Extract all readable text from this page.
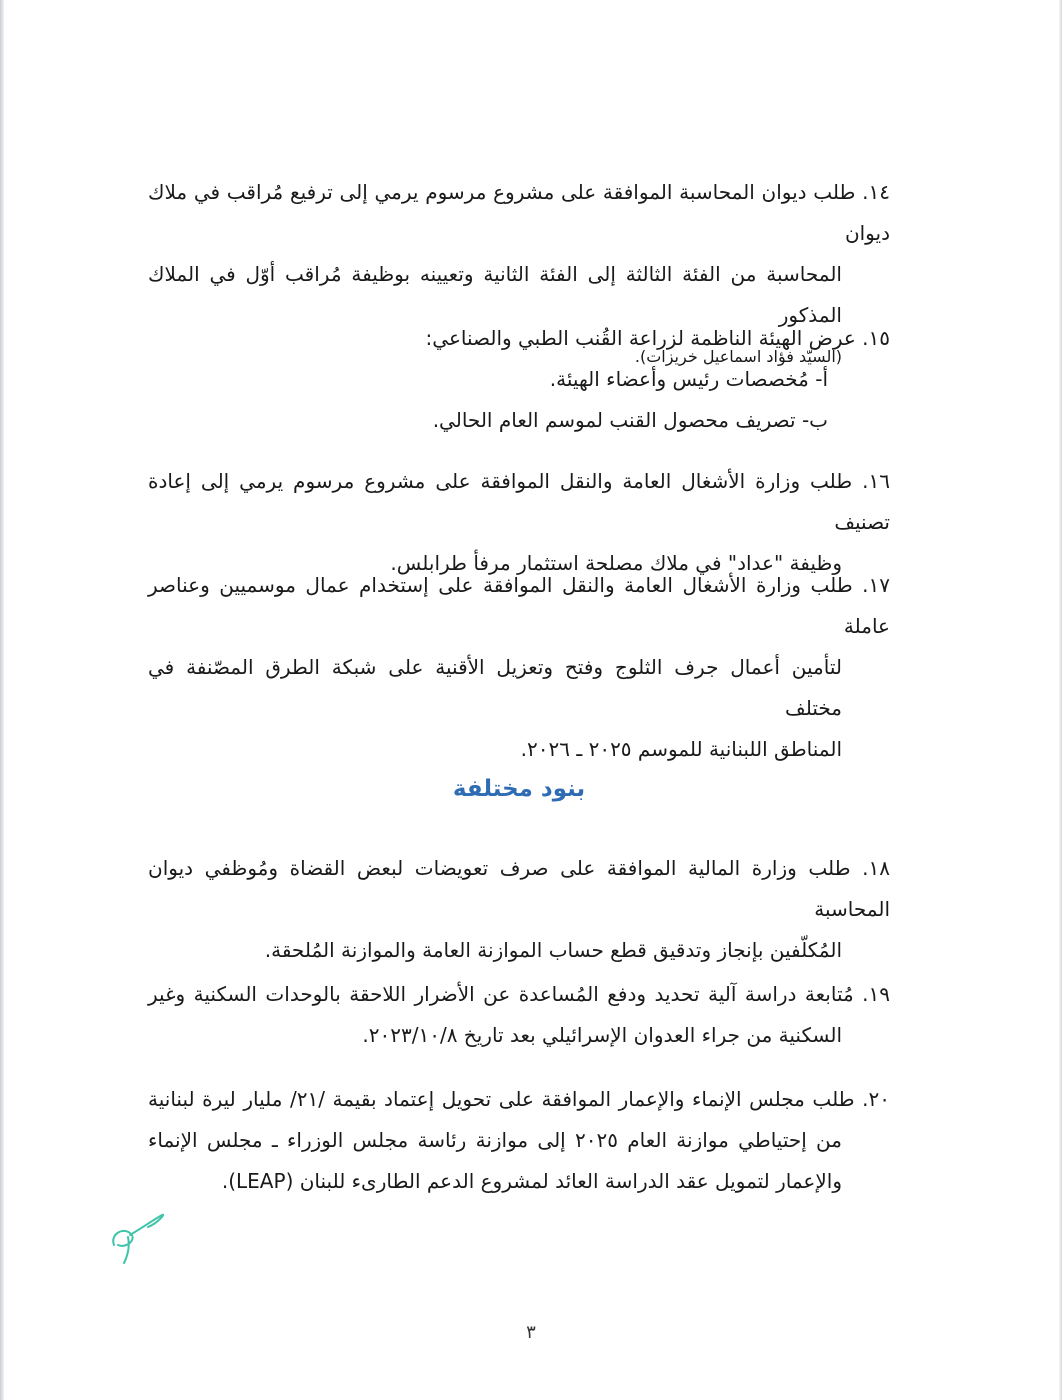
١٤. طلب ديوان المحاسبة الموافقة على مشروع مرسوم يرمي إلى ترفيع مُراقب في ملاك ديوان
المحاسبة من الفئة الثالثة إلى الفئة الثانية وتعيينه بوظيفة مُراقب أوّل في الملاك المذكور
(السيّد فؤاد اسماعيل خريزات).
١٥. عرض الهيئة الناظمة لزراعة القُنب الطبي والصناعي:
أ- مُخصصات رئيس وأعضاء الهيئة.
ب- تصريف محصول القنب لموسم العام الحالي.
١٦. طلب وزارة الأشغال العامة والنقل الموافقة على مشروع مرسوم يرمي إلى إعادة تصنيف
وظيفة "عداد" في ملاك مصلحة استثمار مرفأ طرابلس.
١٧. طلب وزارة الأشغال العامة والنقل الموافقة على إستخدام عمال موسميين وعناصر عاملة
لتأمين أعمال جرف الثلوج وفتح وتعزيل الأقنية على شبكة الطرق المصّنفة في مختلف
المناطق اللبنانية للموسم ٢٠٢٥ ـ ٢٠٢٦.
بنود مختلفة
١٨. طلب وزارة المالية الموافقة على صرف تعويضات لبعض القضاة ومُوظفي ديوان المحاسبة
المُكلّفين بإنجاز وتدقيق قطع حساب الموازنة العامة والموازنة المُلحقة.
١٩. مُتابعة دراسة آلية تحديد ودفع المُساعدة عن الأضرار اللاحقة بالوحدات السكنية وغير
السكنية من جراء العدوان الإسرائيلي بعد تاريخ ٢٠٢٣/١٠/٨.
٢٠. طلب مجلس الإنماء والإعمار الموافقة على تحويل إعتماد بقيمة /٢١/ مليار ليرة لبنانية
من إحتياطي موازنة العام ٢٠٢٥ إلى موازنة رئاسة مجلس الوزراء ـ مجلس الإنماء
والإعمار لتمويل عقد الدراسة العائد لمشروع الدعم الطارىء للبنان (LEAP).
٣
